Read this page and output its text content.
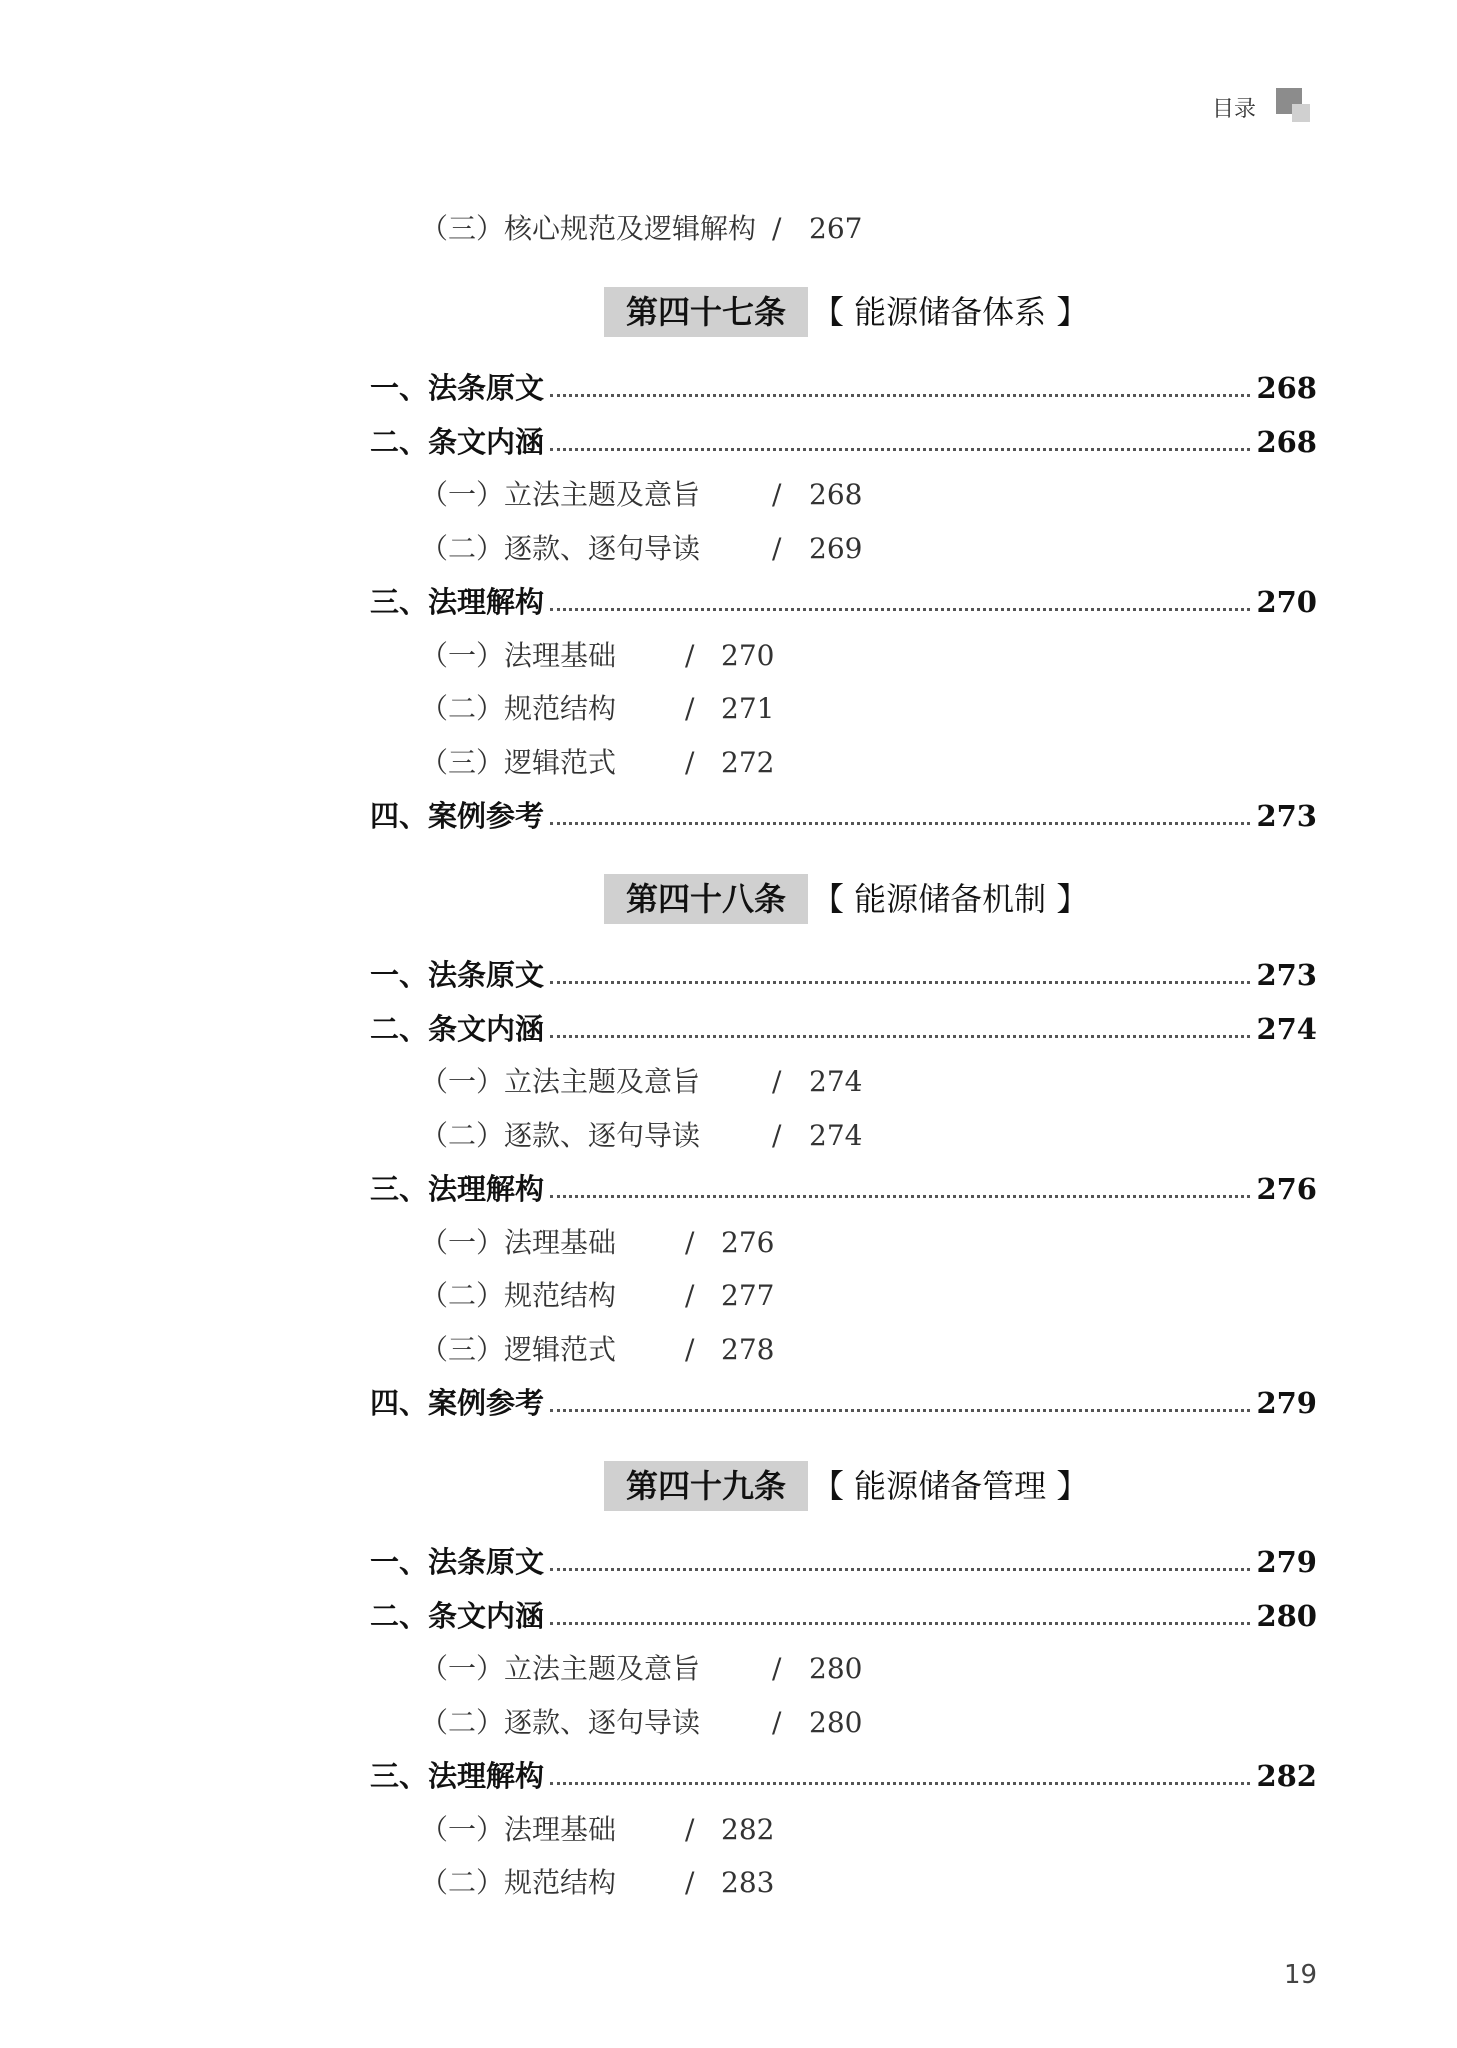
目录
（三）核心规范及逻辑解构 / 267
第四十七条 【 能源储备体系 】
一、法条原文	268
二、条文内涵	268
（一）立法主题及意旨	/ 268
（二）逐款、逐句导读	/ 269
三、法理解构	270
（一）法理基础 / 270
（二）规范结构 / 271
（三）逻辑范式 / 272
四、案例参考	273
第四十八条 【 能源储备机制 】
一、法条原文	273
二、条文内涵	274
（一）立法主题及意旨	/ 274
（二）逐款、逐句导读	/ 274
三、法理解构	276
（一）法理基础 / 276
（二）规范结构 / 277
（三）逻辑范式 / 278
四、案例参考	279
第四十九条 【 能源储备管理 】
一、法条原文	279
二、条文内涵	280
（一）立法主题及意旨	/ 280
（二）逐款、逐句导读	/ 280
三、法理解构	282
（一）法理基础 / 282
（二）规范结构 / 283
19
